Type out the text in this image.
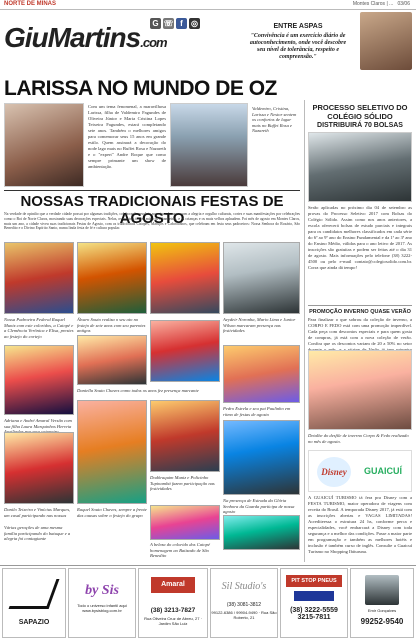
NORTE DE MINAS	Montes Claros | ... 03/06
GiuMartins.com
G ☏ f	◎	ENTRE ASPAS
"Convivência é um exercício diário de autoconhecimento, onde você descobre seu nível de tolerância, respeito e compreensão."
LARISSA NO MUNDO DE OZ
Com um tema fenomenal, a maravilhosa Larissa, filha de Valdemiro Fagundes de Oliveira Júnior e Maria Cristina Lopes Teixeira Fagundes, estará completando sete anos. Também o melhores amigos para comemorar seus 15 anos em grande estilo. Quem assinará a decoração do node lago mais no Buffet Rosa e Nazareth e o "expert" Andre Roque que como sempre primante um show de ambientação.
Valdemiro, Cristina, Larissa e Nestor sentem os confortos de lugar mais no Buffet Rosa e Nazareth
NOSSAS TRADICIONAIS FESTAS DE AGOSTO
Na verdade de opinião que a verdade cidade possui por algumas tradições, colaboração resoluta por vias urbanas e com a alegria e orgulho culturais, cortes e suas manifestações por celebrações como o Boi de Norte Claros, mostrando suas decorações especiais. Nelas, os mestres tocam músicas e bandeiras, e as crianças e os mais velhos aplaudem. Foi mês de agosto em Montes Claros, mais um ano, a cidade viveu suas tradicionais Festas de Agosto, com os tradicionais Catopés, Marujos e Caboclinhos, que celebram em festa seus padroeiros: Nossa Senhora do Rosário, São Benedito e o Divino Espírito Santo, numa linda festa de fé e cultura popular.
Nossa Padroeira Federal Raquel Muniz com este coloridos, a Catopé e a Clemência Verônica e Elisa, prestes ao festejo do cortejo
Álvaro Souto realiza o seu ato no festejo de sete anos com seu parentes antigos
Aeydeir Noronha, Mario Lima e Junior Wilson marcaram presença nas festividades
Adriana e André Amaral Versão com sua filha Laura Marquinhos Herreia
Daniella Souto Chaves como todos os anos fez presença marcante
Pedro Estrela e seu pai Paulinho em ritmo de festas de agosto
Danilo Teixeira e Vinícius Marques, um casal participando nas nossas
Dodôraquim Muniz e Policinho Tupinambá fazem participação nas festividades
Na presença de Estrada da Glória Senhora da Guarda participa de nossa agosto
Várias gerações de uma mesma família participando do batuque e a alegria foi contagiante
Raquel Souto Chaves, sempre a frente das causas sobre o festejo do grupo
A beleza do colorido dos Catopé homenagem ao Batizado de São Benedito
PROCESSO SELETIVO DO COLÉGIO SÓLIDO
DISTRIBUIRÁ 70 BOLSAS
Serão aplicadas no próximo dia 04 de setembro as provas do Processo Seletivo 2017 com Bolsas do Colégio Sólido. Assim como nos anos anteriores, a escola oferecerá bolsas de estudo parciais e integrais para os candidatos melhores classificados em cada série do 6º ao 9º ano do Ensino Fundamental e da 1ª ao 3ª ano do Ensino Médio, válidas para o ano letivo de 2017. As inscrições são gratuitas e podem ser feitas até o dia 31 de agosto. Mais informações pelo telefone (38) 3222-4500 ou pelo e-mail contato@colegiosolido.com.br. Corra que ainda dá tempo!
PROMOÇÃO INVERNO QUASE VERÃO
Para finalizar o que sobrou da coleção de inverno, a CORPO E FEDO está com uma promoção imperdível. Cada peça com descontos especiais e para quem gosta de compras, já está com a nova coleção de verão. Confira que os descontos variam de 20 a 50% no setor
Detalhe do desfile de inverno Corpo & Fedo realizado no mês de agosto.
Disney	GUAICUÍ
A GUAICUÍ TURISMO tá fera pra Disney com a FESTA TURISMO, maior operadora de viagens com receita do Brasil. A temporada Disney 2017, já está com as inscrições abertas e VAGAS LIMITADAS! Acrediteessa o estrutura 24 hs, conforme perca e especialidades, você embarcará a Disney com toda segurança e a melhor das condições. Passe a maior parte em programação e também as melhores hotéis e inclusão é também curso de inglês. Consulte a Guaicuí Turismo no Shopping Ibituruna.
SAPAZIO
by Sis
Todo o universo infantil aqui
www.bysisblog.com.br
Amaral
(38) 3213-7827
Rua Oliveira Cruz de Abreu, 27 · Jardim São Luiz
Sil Studio's
(38) 3081-3812
99122-6386 / 99904-9490 · Rua São Roberto, 21
PIT STOP PNEUS
(38) 3222-5559
3215-7811
Emir Gonçalves
99252-9540
